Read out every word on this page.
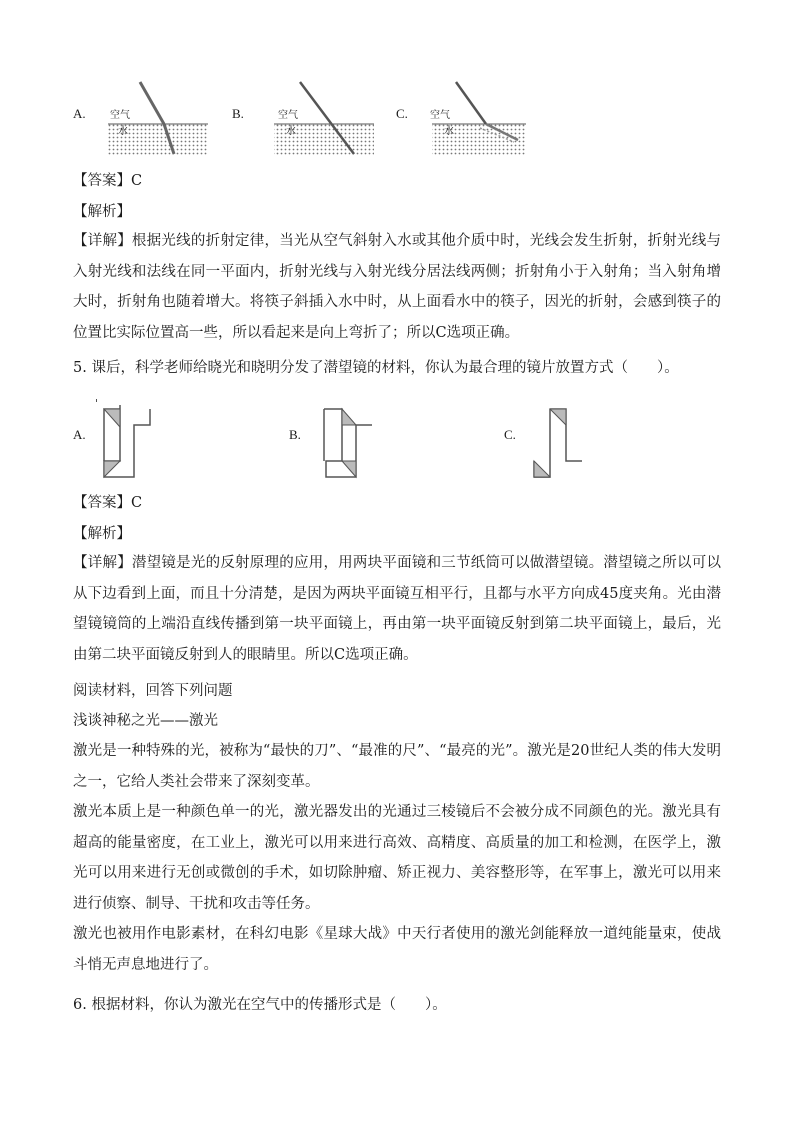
A. 空气
水
B.	空气
水
C. 空气
水
【答案】C
【解析】
【详解】根据光线的折射定律，当光从空气斜射入水或其他介质中时，光线会发生折射，折射光线与入射光线和法线在同一平面内，折射光线与入射光线分居法线两侧；折射角小于入射角；当入射角增大时，折射角也随着增大。将筷子斜插入水中时，从上面看水中的筷子，因光的折射，会感到筷子的位置比实际位置高一些，所以看起来是向上弯折了；所以C选项正确。
5. 课后，科学老师给晓光和晓明分发了潜望镜的材料，你认为最合理的镜片放置方式（　　）。
'
A.	B.	C.
【答案】C
【解析】
【详解】潜望镜是光的反射原理的应用，用两块平面镜和三节纸筒可以做潜望镜。潜望镜之所以可以从下边看到上面，而且十分清楚，是因为两块平面镜互相平行，且都与水平方向成45度夹角。光由潜望镜镜筒的上端沿直线传播到第一块平面镜上，再由第一块平面镜反射到第二块平面镜上，最后，光由第二块平面镜反射到人的眼睛里。所以C选项正确。
阅读材料，回答下列问题
浅谈神秘之光——激光
激光是一种特殊的光，被称为“最快的刀”、“最准的尺”、“最亮的光”。激光是20世纪人类的伟大发明之一，它给人类社会带来了深刻变革。
激光本质上是一种颜色单一的光，激光器发出的光通过三棱镜后不会被分成不同颜色的光。激光具有超高的能量密度，在工业上，激光可以用来进行高效、高精度、高质量的加工和检测，在医学上，激光可以用来进行无创或微创的手术，如切除肿瘤、矫正视力、美容整形等，在军事上，激光可以用来进行侦察、制导、干扰和攻击等任务。
激光也被用作电影素材，在科幻电影《星球大战》中天行者使用的激光剑能释放一道纯能量束，使战斗悄无声息地进行了。
6. 根据材料，你认为激光在空气中的传播形式是（　　）。
